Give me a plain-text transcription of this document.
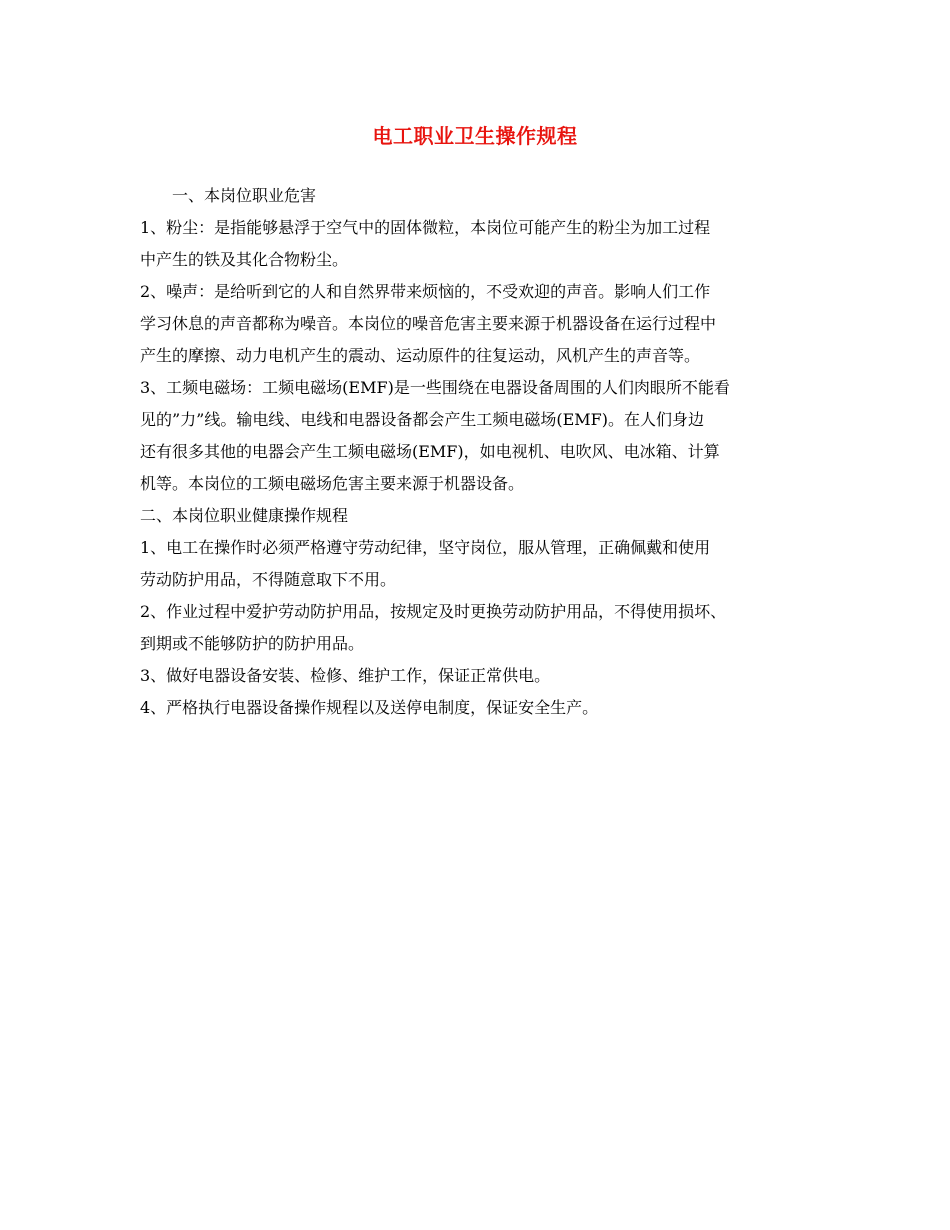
电工职业卫生操作规程
一、本岗位职业危害
1、粉尘：是指能够悬浮于空气中的固体微粒，本岗位可能产生的粉尘为加工过程
中产生的铁及其化合物粉尘。
2、噪声：是给听到它的人和自然界带来烦恼的，不受欢迎的声音。影响人们工作
学习休息的声音都称为噪音。本岗位的噪音危害主要来源于机器设备在运行过程中
产生的摩擦、动力电机产生的震动、运动原件的往复运动，风机产生的声音等。
3、工频电磁场：工频电磁场(EMF)是一些围绕在电器设备周围的人们肉眼所不能看
见的”力”线。输电线、电线和电器设备都会产生工频电磁场(EMF)。在人们身边
还有很多其他的电器会产生工频电磁场(EMF)，如电视机、电吹风、电冰箱、计算
机等。本岗位的工频电磁场危害主要来源于机器设备。
二、本岗位职业健康操作规程
1、电工在操作时必须严格遵守劳动纪律，坚守岗位，服从管理，正确佩戴和使用
劳动防护用品，不得随意取下不用。
2、作业过程中爱护劳动防护用品，按规定及时更换劳动防护用品，不得使用损坏、
到期或不能够防护的防护用品。
3、做好电器设备安装、检修、维护工作，保证正常供电。
4、严格执行电器设备操作规程以及送停电制度，保证安全生产。
